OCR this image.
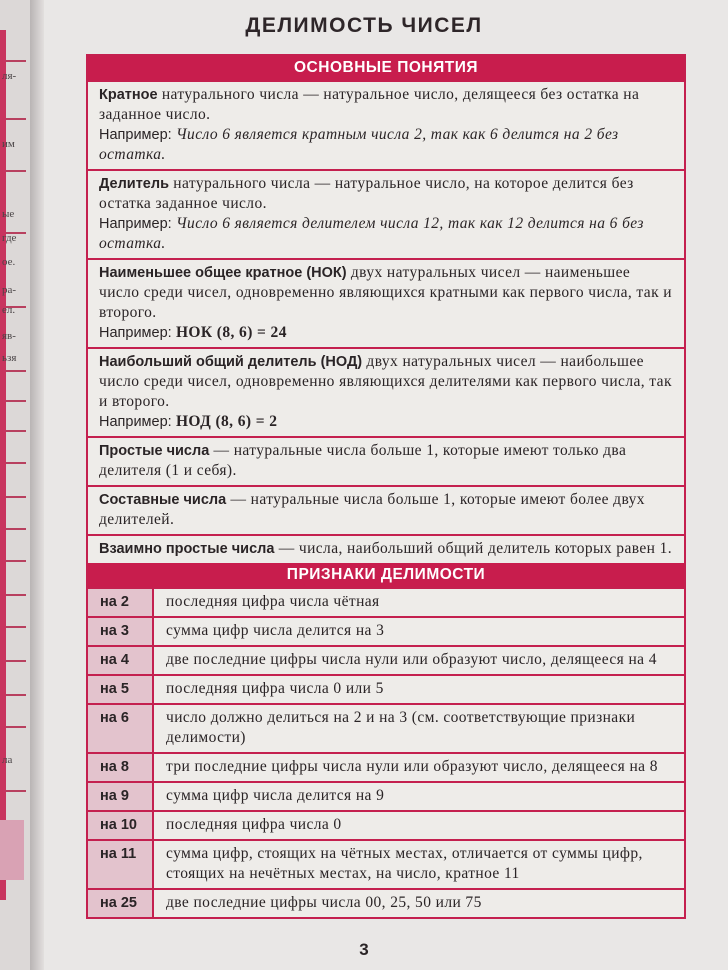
ля-
им
ые
где
ое.
ра-
ел.
яв-
ьзя
ла
ДЕЛИМОСТЬ ЧИСЕЛ
ОСНОВНЫЕ ПОНЯТИЯ
Кратное натурального числа — натуральное число, делящееся без остатка на заданное число.
Например: Число 6 является кратным числа 2, так как 6 делится на 2 без остатка.
Делитель натурального числа — натуральное число, на которое делится без остатка заданное число.
Например: Число 6 является делителем числа 12, так как 12 делится на 6 без остатка.
Наименьшее общее кратное (НОК) двух натуральных чисел — наименьшее число среди чисел, одновременно являющихся кратными как первого числа, так и второго.
Например: НОК (8, 6) = 24
Наибольший общий делитель (НОД) двух натуральных чисел — наибольшее число среди чисел, одновременно являющихся делителями как первого числа, так и второго.
Например: НОД (8, 6) = 2
Простые числа — натуральные числа больше 1, которые имеют только два делителя (1 и себя).
Составные числа — натуральные числа больше 1, которые имеют более двух делителей.
Взаимно простые числа — числа, наибольший общий делитель которых равен 1.
ПРИЗНАКИ ДЕЛИМОСТИ
на 2	последняя цифра числа чётная
на 3	сумма цифр числа делится на 3
на 4	две последние цифры числа нули или образуют число, делящееся на 4
на 5	последняя цифра числа 0 или 5
на 6	число должно делиться на 2 и на 3 (см. соответствующие признаки делимости)
на 8	три последние цифры числа нули или образуют число, делящееся на 8
на 9	сумма цифр числа делится на 9
на 10	последняя цифра числа 0
на 11	сумма цифр, стоящих на чётных местах, отличается от суммы цифр, стоящих на нечётных местах, на число, кратное 11
на 25	две последние цифры числа 00, 25, 50 или 75
3
